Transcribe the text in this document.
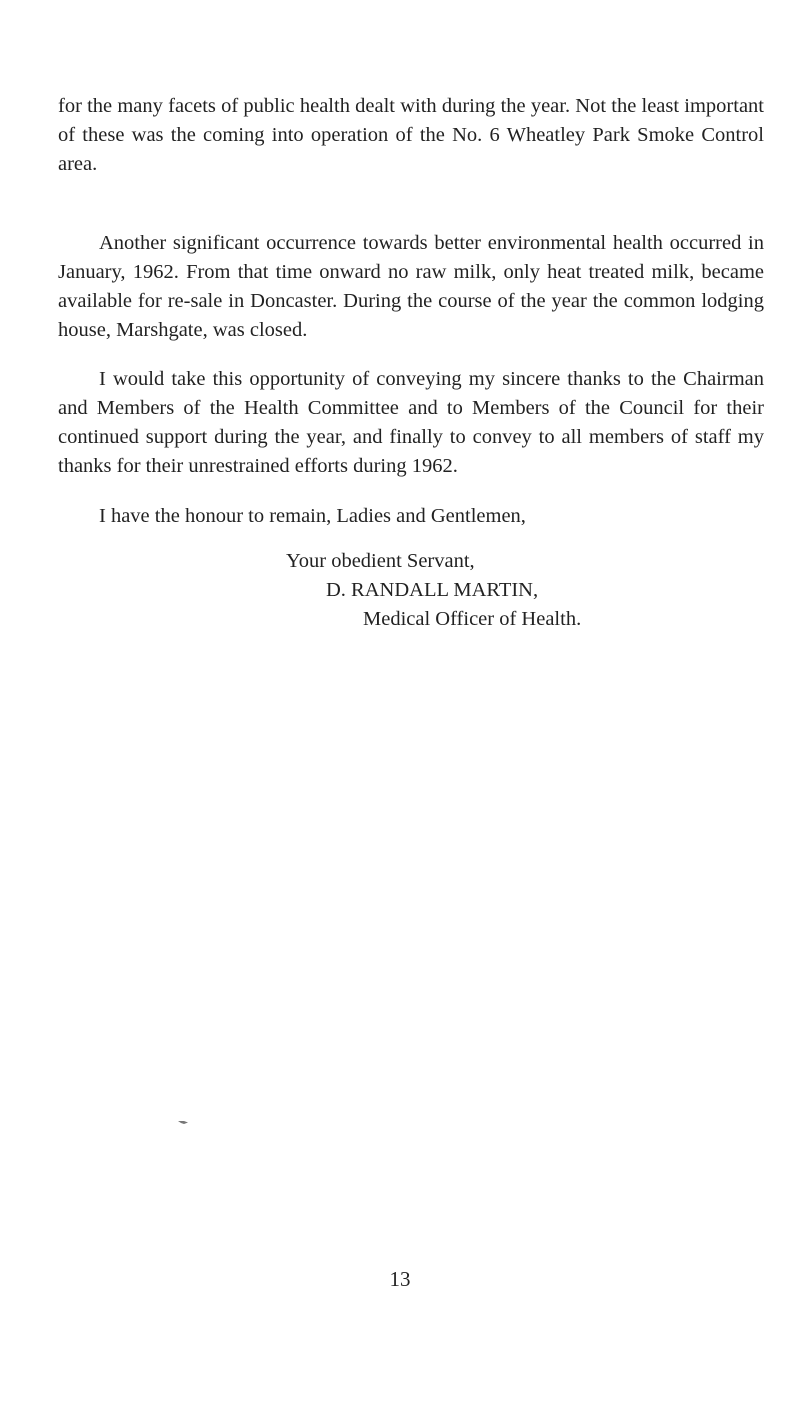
for the many facets of public health dealt with during the year. Not the least important of these was the coming into operation of the No. 6 Wheatley Park Smoke Control area.

Another significant occurrence towards better environmental health occurred in January, 1962. From that time onward no raw milk, only heat treated milk, became available for re-sale in Doncaster. During the course of the year the common lodging house, Marshgate, was closed.

I would take this opportunity of conveying my sincere thanks to the Chairman and Members of the Health Committee and to Members of the Council for their continued support during the year, and finally to convey to all members of staff my thanks for their unrestrained efforts during 1962.

I have the honour to remain, Ladies and Gentlemen,

Your obedient Servant,

D. RANDALL MARTIN,

Medical Officer of Health.

13
